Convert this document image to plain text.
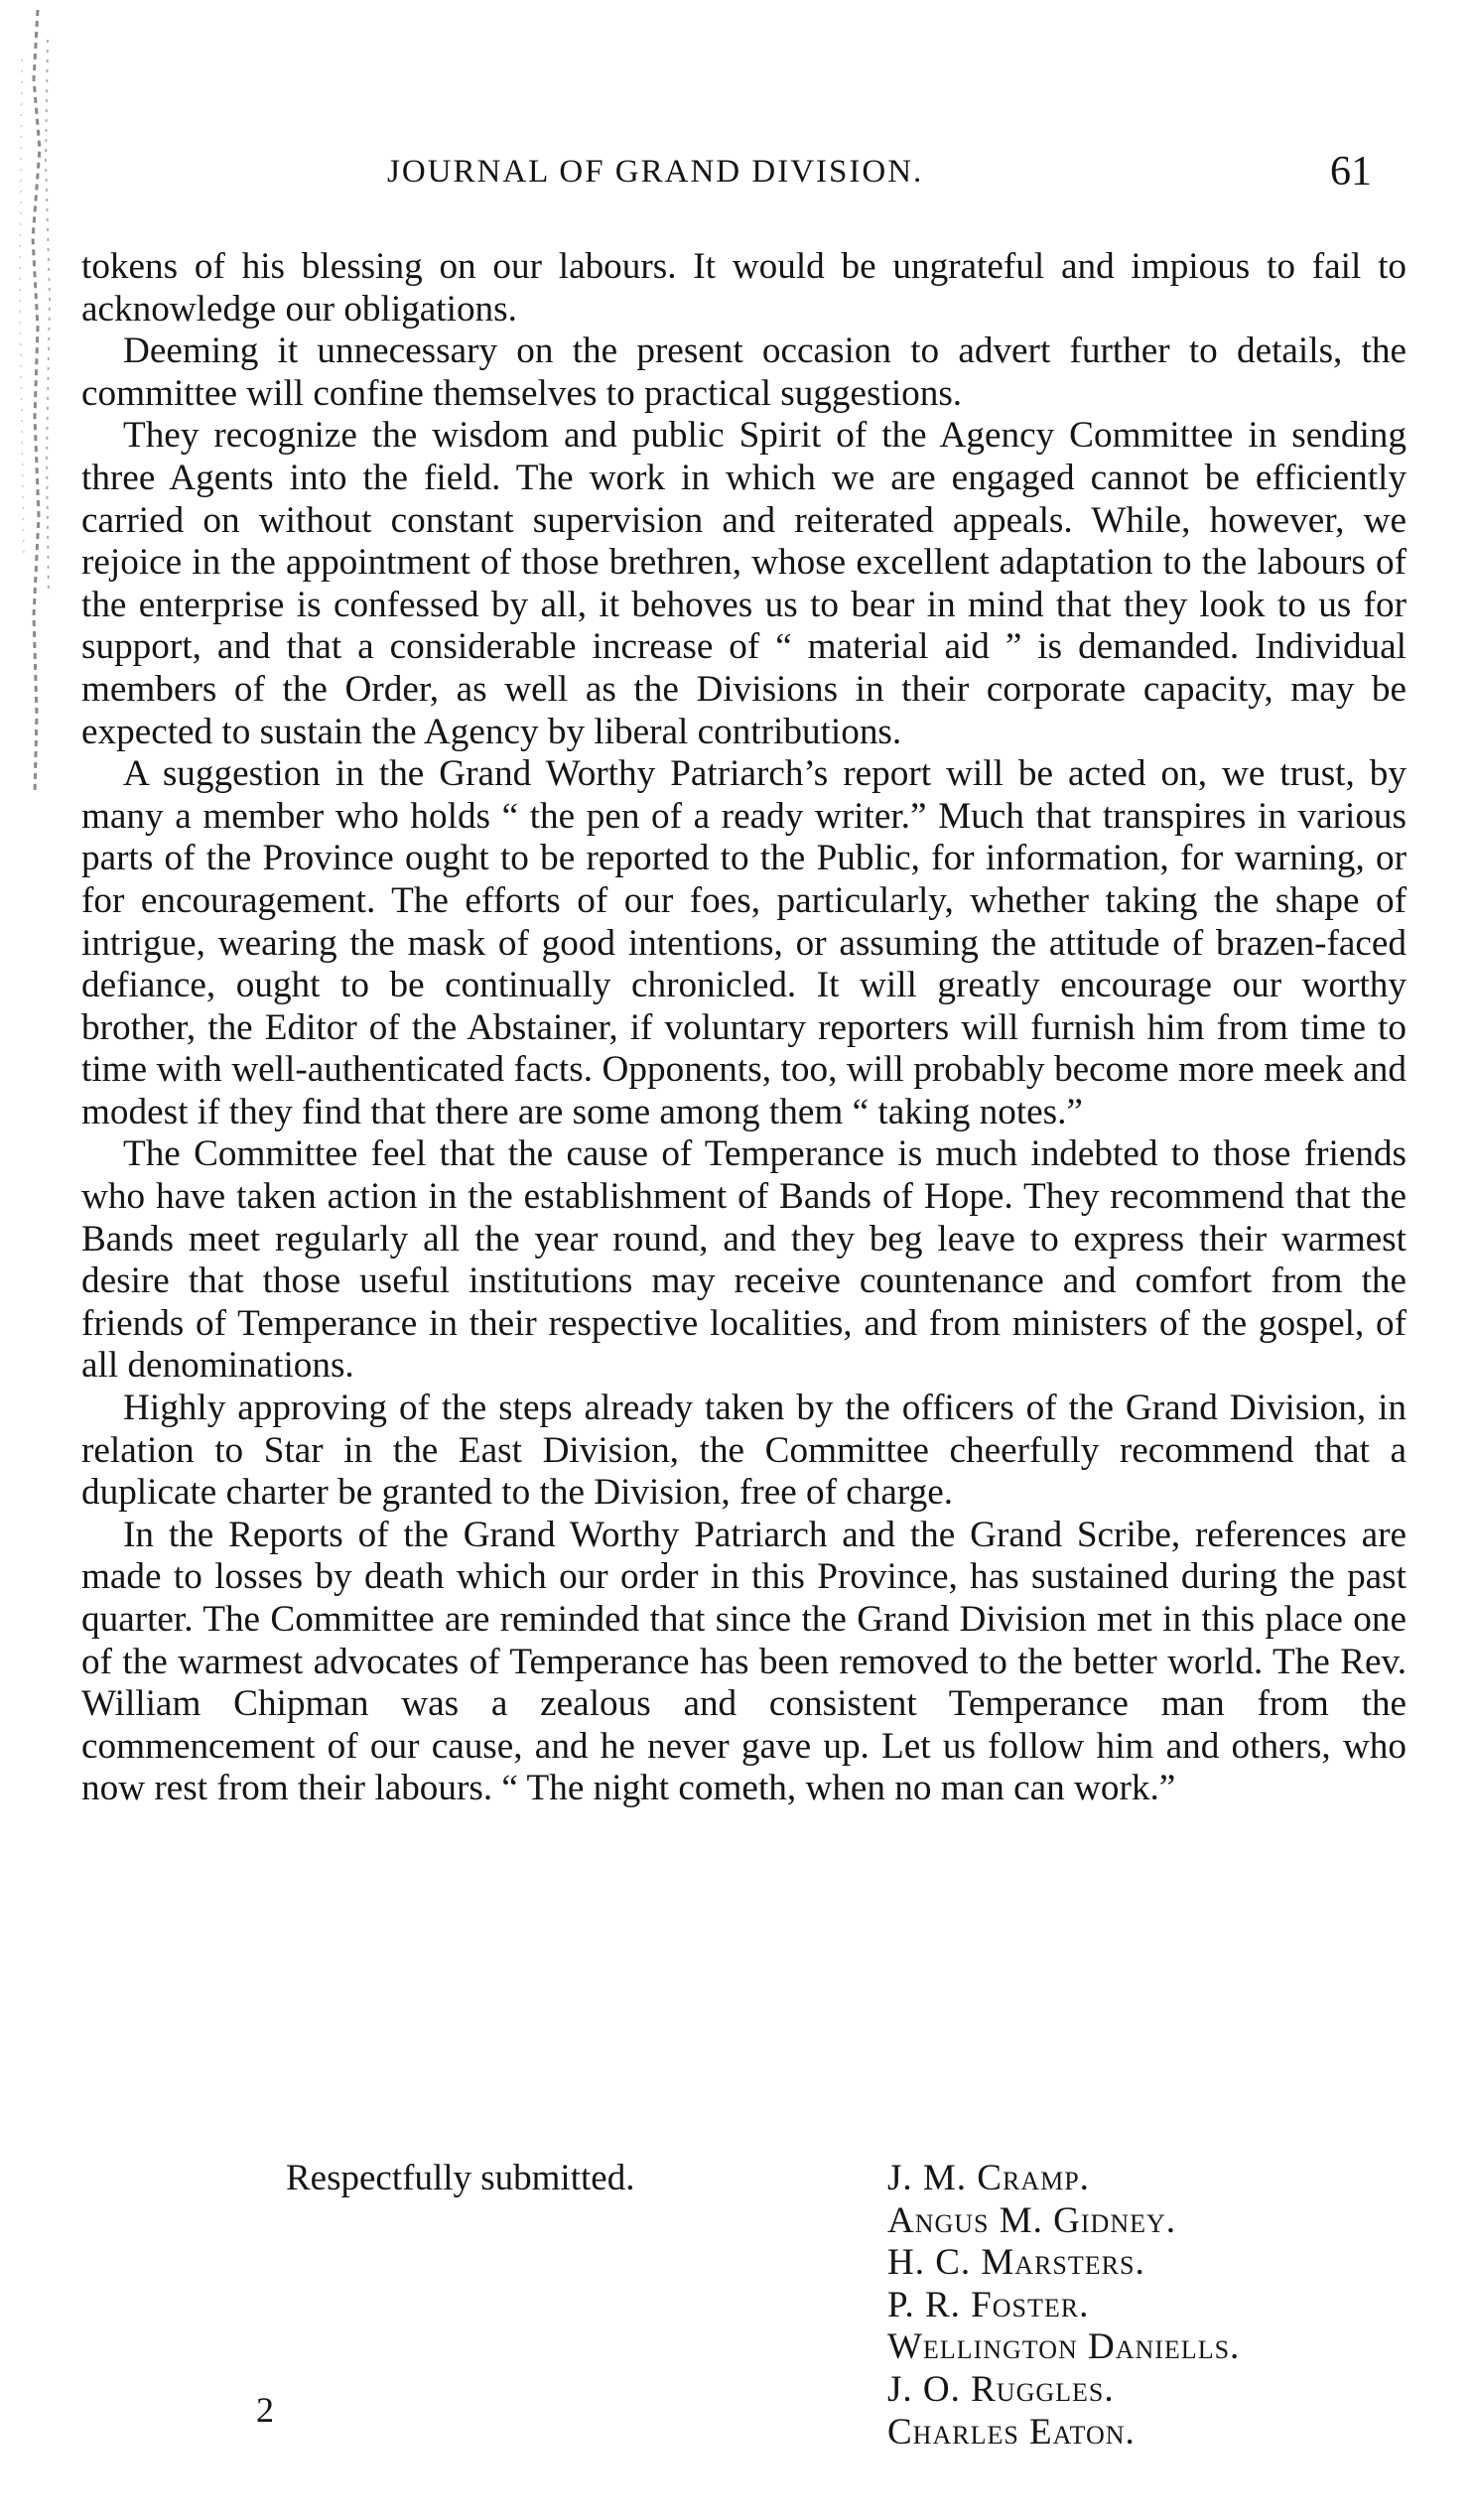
JOURNAL OF GRAND DIVISION.	61

tokens of his blessing on our labours. It would be ungrateful and impious to fail to acknowledge our obligations.

Deeming it unnecessary on the present occasion to advert further to details, the committee will confine themselves to practical suggestions.

They recognize the wisdom and public Spirit of the Agency Committee in sending three Agents into the field. The work in which we are engaged cannot be efficiently carried on without constant supervision and reiterated appeals. While, however, we rejoice in the appointment of those brethren, whose excellent adaptation to the labours of the enterprise is confessed by all, it behoves us to bear in mind that they look to us for support, and that a considerable increase of “ material aid ” is demanded. Individual members of the Order, as well as the Divisions in their corporate capacity, may be expected to sustain the Agency by liberal contributions.

A suggestion in the Grand Worthy Patriarch’s report will be acted on, we trust, by many a member who holds “ the pen of a ready writer.” Much that transpires in various parts of the Province ought to be reported to the Public, for information, for warning, or for encouragement. The efforts of our foes, particularly, whether taking the shape of intrigue, wearing the mask of good intentions, or assuming the attitude of brazen-faced defiance, ought to be continually chronicled. It will greatly encourage our worthy brother, the Editor of the Abstainer, if voluntary reporters will furnish him from time to time with well-authenticated facts. Opponents, too, will probably become more meek and modest if they find that there are some among them “ taking notes.”

The Committee feel that the cause of Temperance is much indebted to those friends who have taken action in the establishment of Bands of Hope. They recommend that the Bands meet regularly all the year round, and they beg leave to express their warmest desire that those useful institutions may receive countenance and comfort from the friends of Temperance in their respective localities, and from ministers of the gospel, of all denominations.

Highly approving of the steps already taken by the officers of the Grand Division, in relation to Star in the East Division, the Committee cheerfully recommend that a duplicate charter be granted to the Division, free of charge.

In the Reports of the Grand Worthy Patriarch and the Grand Scribe, references are made to losses by death which our order in this Province, has sustained during the past quarter. The Committee are reminded that since the Grand Division met in this place one of the warmest advocates of Temperance has been removed to the better world. The Rev. William Chipman was a zealous and consistent Temperance man from the commencement of our cause, and he never gave up. Let us follow him and others, who now rest from their labours. “ The night cometh, when no man can work.”

Respectfully submitted.	J. M. Cramp.
Angus M. Gidney.
H. C. Marsters.
P. R. Foster.
Wellington Daniells.
J. O. Ruggles.
Charles Eaton.
2
